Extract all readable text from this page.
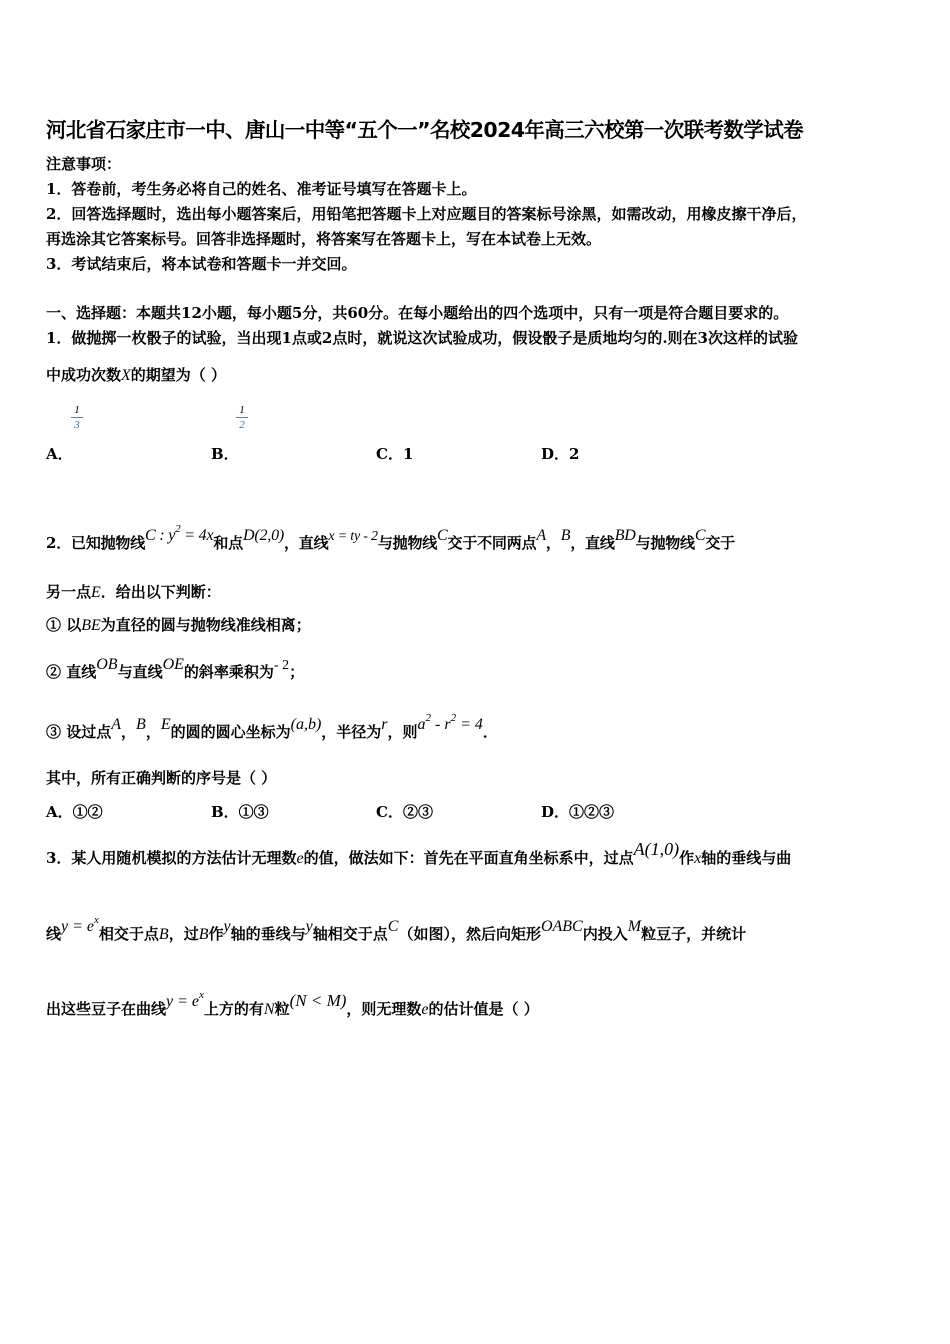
河北省石家庄市一中、唐山一中等“五个一”名校2024年高三六校第一次联考数学试卷
注意事项：
1．答卷前，考生务必将自己的姓名、准考证号填写在答题卡上。
2．回答选择题时，选出每小题答案后，用铅笔把答题卡上对应题目的答案标号涂黑，如需改动，用橡皮擦干净后，
再选涂其它答案标号。回答非选择题时，将答案写在答题卡上，写在本试卷上无效。
3．考试结束后，将本试卷和答题卡一并交回。
一、选择题：本题共12小题，每小题5分，共60分。在每小题给出的四个选项中，只有一项是符合题目要求的。
1．做抛掷一枚骰子的试验，当出现1点或2点时，就说这次试验成功，假设骰子是质地均匀的.则在3次这样的试验
中成功次数X的期望为（ ）
1
3
1
2
A．	B．	C．1	D．2
2．已知抛物线C : $y^2 = 4x$和点D(2,0)，直线x = ty - 2与抛物线C交于不同两点A，B，直线BD与抛物线C交于
另一点E．给出以下判断：
① 以BE为直径的圆与抛物线准线相离；
② 直线OB与直线OE的斜率乘积为- 2；
③ 设过点A，B，E的圆的圆心坐标为(a,b)，半径为r，则$a^2 - r^2 = 4$．
其中，所有正确判断的序号是（ ）
A．①②	B．①③	C．②③	D．①②③
3．某人用随机模拟的方法估计无理数e的值，做法如下：首先在平面直角坐标系中，过点A(1,0)作x轴的垂线与曲
线$y = e^x$相交于点B，过B作y轴的垂线与y轴相交于点C（如图），然后向矩形OABC内投入M粒豆子，并统计
出这些豆子在曲线$y = e^x$上方的有N粒(N < M)，则无理数e的估计值是（ ）
